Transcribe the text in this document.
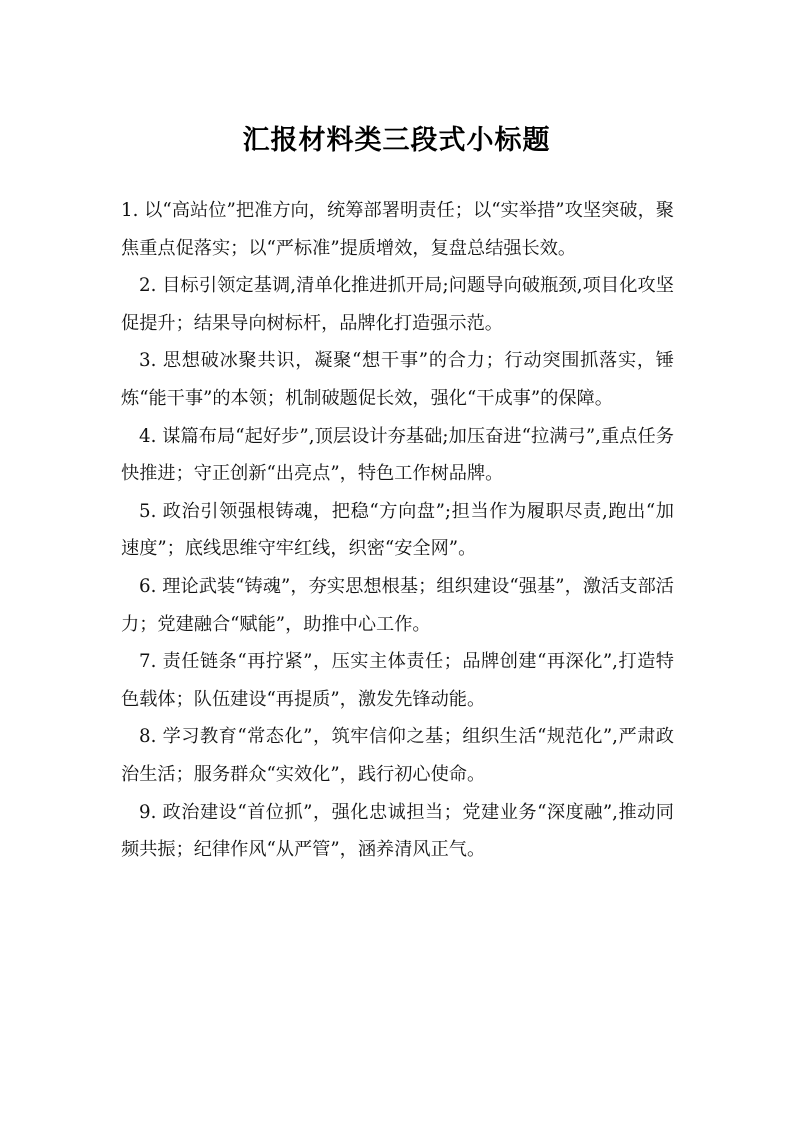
汇报材料类三段式小标题

1. 以“高站位”把准方向，统筹部署明责任；以“实举措”攻坚突破，聚焦重点促落实；以“严标准”提质增效，复盘总结强长效。

2. 目标引领定基调,清单化推进抓开局;问题导向破瓶颈,项目化攻坚促提升；结果导向树标杆，品牌化打造强示范。

3. 思想破冰聚共识，凝聚“想干事”的合力；行动突围抓落实，锤炼“能干事”的本领；机制破题促长效，强化“干成事”的保障。

4. 谋篇布局“起好步”,顶层设计夯基础;加压奋进“拉满弓”,重点任务快推进；守正创新“出亮点”，特色工作树品牌。

5. 政治引领强根铸魂，把稳“方向盘”;担当作为履职尽责,跑出“加速度”；底线思维守牢红线，织密“安全网”。

6. 理论武装“铸魂”，夯实思想根基；组织建设“强基”，激活支部活力；党建融合“赋能”，助推中心工作。

7. 责任链条“再拧紧”，压实主体责任；品牌创建“再深化”,打造特色载体；队伍建设“再提质”，激发先锋动能。

8. 学习教育“常态化”，筑牢信仰之基；组织生活“规范化”,严肃政治生活；服务群众“实效化”，践行初心使命。

9. 政治建设“首位抓”，强化忠诚担当；党建业务“深度融”,推动同频共振；纪律作风“从严管”，涵养清风正气。
